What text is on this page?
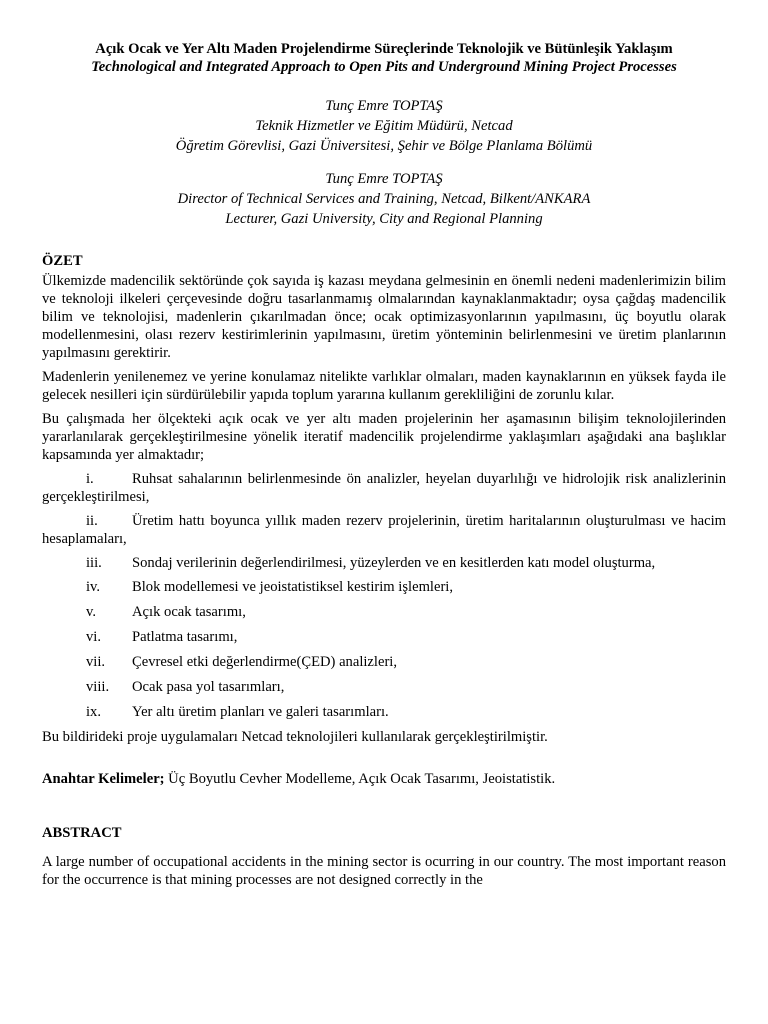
Açık Ocak ve Yer Altı Maden Projelendirme Süreçlerinde Teknolojik ve Bütünleşik Yaklaşım
Technological and Integrated Approach to Open Pits and Underground Mining Project Processes
Tunç Emre TOPTAŞ
Teknik Hizmetler ve Eğitim Müdürü, Netcad
Öğretim Görevlisi, Gazi Üniversitesi, Şehir ve Bölge Planlama Bölümü
Tunç Emre TOPTAŞ
Director of Technical Services and Training, Netcad, Bilkent/ANKARA
Lecturer, Gazi University, City and Regional Planning
ÖZET

Ülkemizde madencilik sektöründe çok sayıda iş kazası meydana gelmesinin en önemli nedeni madenlerimizin bilim ve teknoloji ilkeleri çerçevesinde doğru tasarlanmamış olmalarından kaynaklanmaktadır; oysa çağdaş madencilik bilim ve teknolojisi, madenlerin çıkarılmadan önce; ocak optimizasyonlarının yapılmasını, üç boyutlu olarak modellenmesini, olası rezerv kestirimlerinin yapılmasını, üretim yönteminin belirlenmesini ve üretim planlarının yapılmasını gerektirir.

Madenlerin yenilenemez ve yerine konulamaz nitelikte varlıklar olmaları, maden kaynaklarının en yüksek fayda ile gelecek nesilleri için sürdürülebilir yapıda toplum yararına kullanım gerekliliğini de zorunlu kılar.

Bu çalışmada her ölçekteki açık ocak ve yer altı maden projelerinin her aşamasının bilişim teknolojilerinden yararlanılarak gerçekleştirilmesine yönelik iteratif madencilik projelendirme yaklaşımları aşağıdaki ana başlıklar kapsamında yer almaktadır;

i.	Ruhsat sahalarının belirlenmesinde ön analizler, heyelan duyarlılığı ve hidrolojik risk analizlerinin gerçekleştirilmesi,
ii. Üretim hattı boyunca yıllık maden rezerv projelerinin, üretim haritalarının oluşturulması ve hacim hesaplamaları,
iii. Sondaj verilerinin değerlendirilmesi, yüzeylerden ve en kesitlerden katı model oluşturma,
iv. Blok modellemesi ve jeoistatistiksel kestirim işlemleri,
v. Açık ocak tasarımı,
vi. Patlatma tasarımı,
vii. Çevresel etki değerlendirme(ÇED) analizleri,
viii. Ocak pasa yol tasarımları,
ix. Yer altı üretim planları ve galeri tasarımları.

Bu bildirideki proje uygulamaları Netcad teknolojileri kullanılarak gerçekleştirilmiştir.

Anahtar Kelimeler; Üç Boyutlu Cevher Modelleme, Açık Ocak Tasarımı, Jeoistatistik.
ABSTRACT
A large number of occupational accidents in the mining sector is ocurring in our country. The most important reason for the occurrence is that mining processes are not designed correctly in the
